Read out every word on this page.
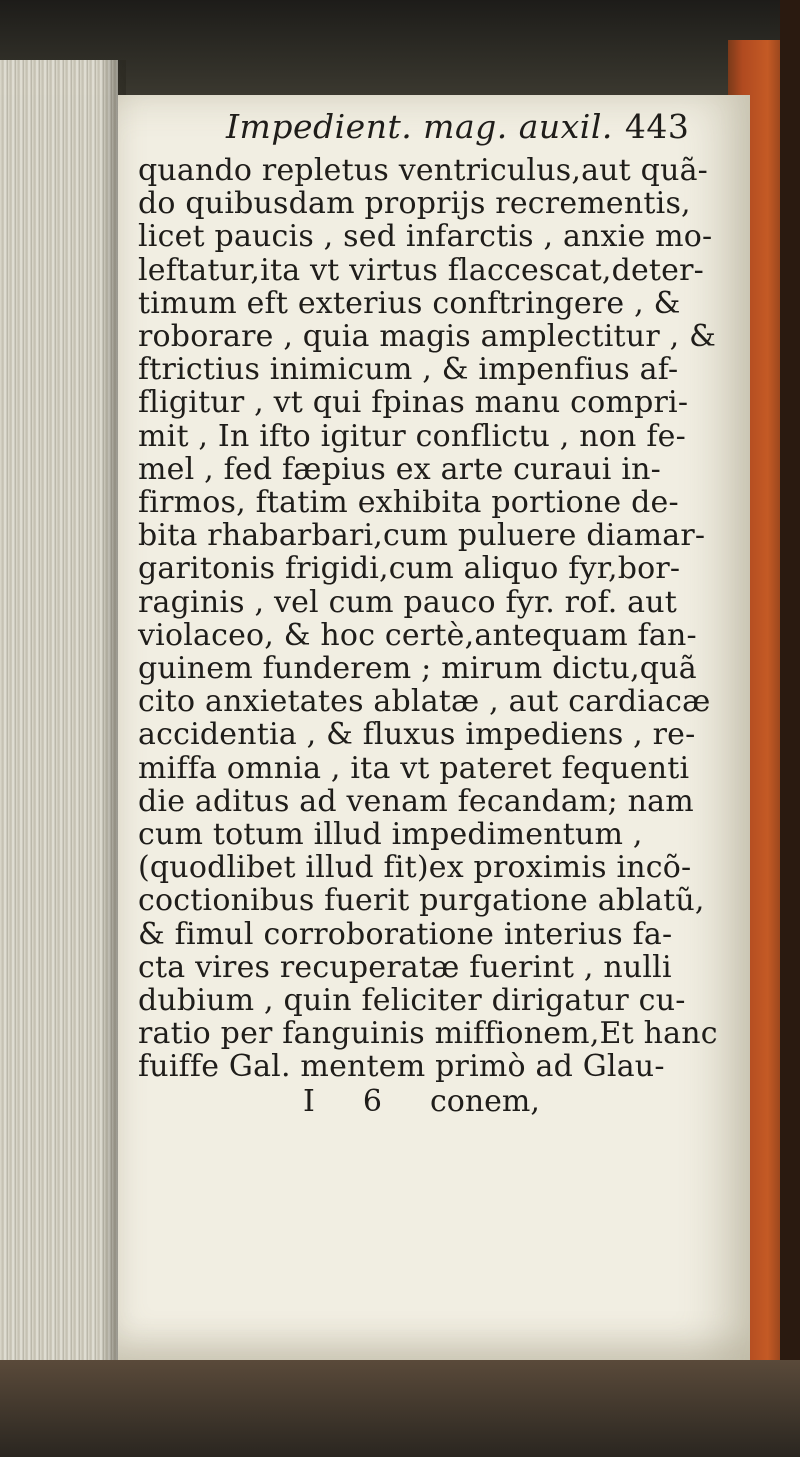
Impedient. mag. auxil. 443
quando repletus ventriculus,aut quã-
do quibusdam proprijs recrementis,
licet paucis , sed infarctis , anxie mo-
leftatur,ita vt virtus flaccescat,deter-
timum eft exterius conftringere , &
roborare , quia magis amplectitur , &
ftrictius inimicum , & impenfius af-
fligitur , vt qui fpinas manu compri-
mit , In ifto igitur conflictu , non fe-
mel , fed fæpius ex arte curaui in-
firmos, ftatim exhibita portione de-
bita rhabarbari,cum puluere diamar-
garitonis frigidi,cum aliquo fyr,bor-
raginis , vel cum pauco fyr. rof. aut
violaceo, & hoc certè,antequam fan-
guinem funderem ; mirum dictu,quã
cito anxietates ablatæ , aut cardiacæ
accidentia , & fluxus impediens , re-
miffa omnia , ita vt pateret fequenti
die aditus ad venam fecandam; nam
cum totum illud impedimentum ,
(quodlibet illud fit)ex proximis incõ-
coctionibus fuerit purgatione ablatũ,
& fimul corroboratione interius fa-
cta vires recuperatæ fuerint , nulli
dubium , quin feliciter dirigatur cu-
ratio per fanguinis miffionem,Et hanc
fuiffe Gal. mentem primò ad Glau-
I 6 conem,
